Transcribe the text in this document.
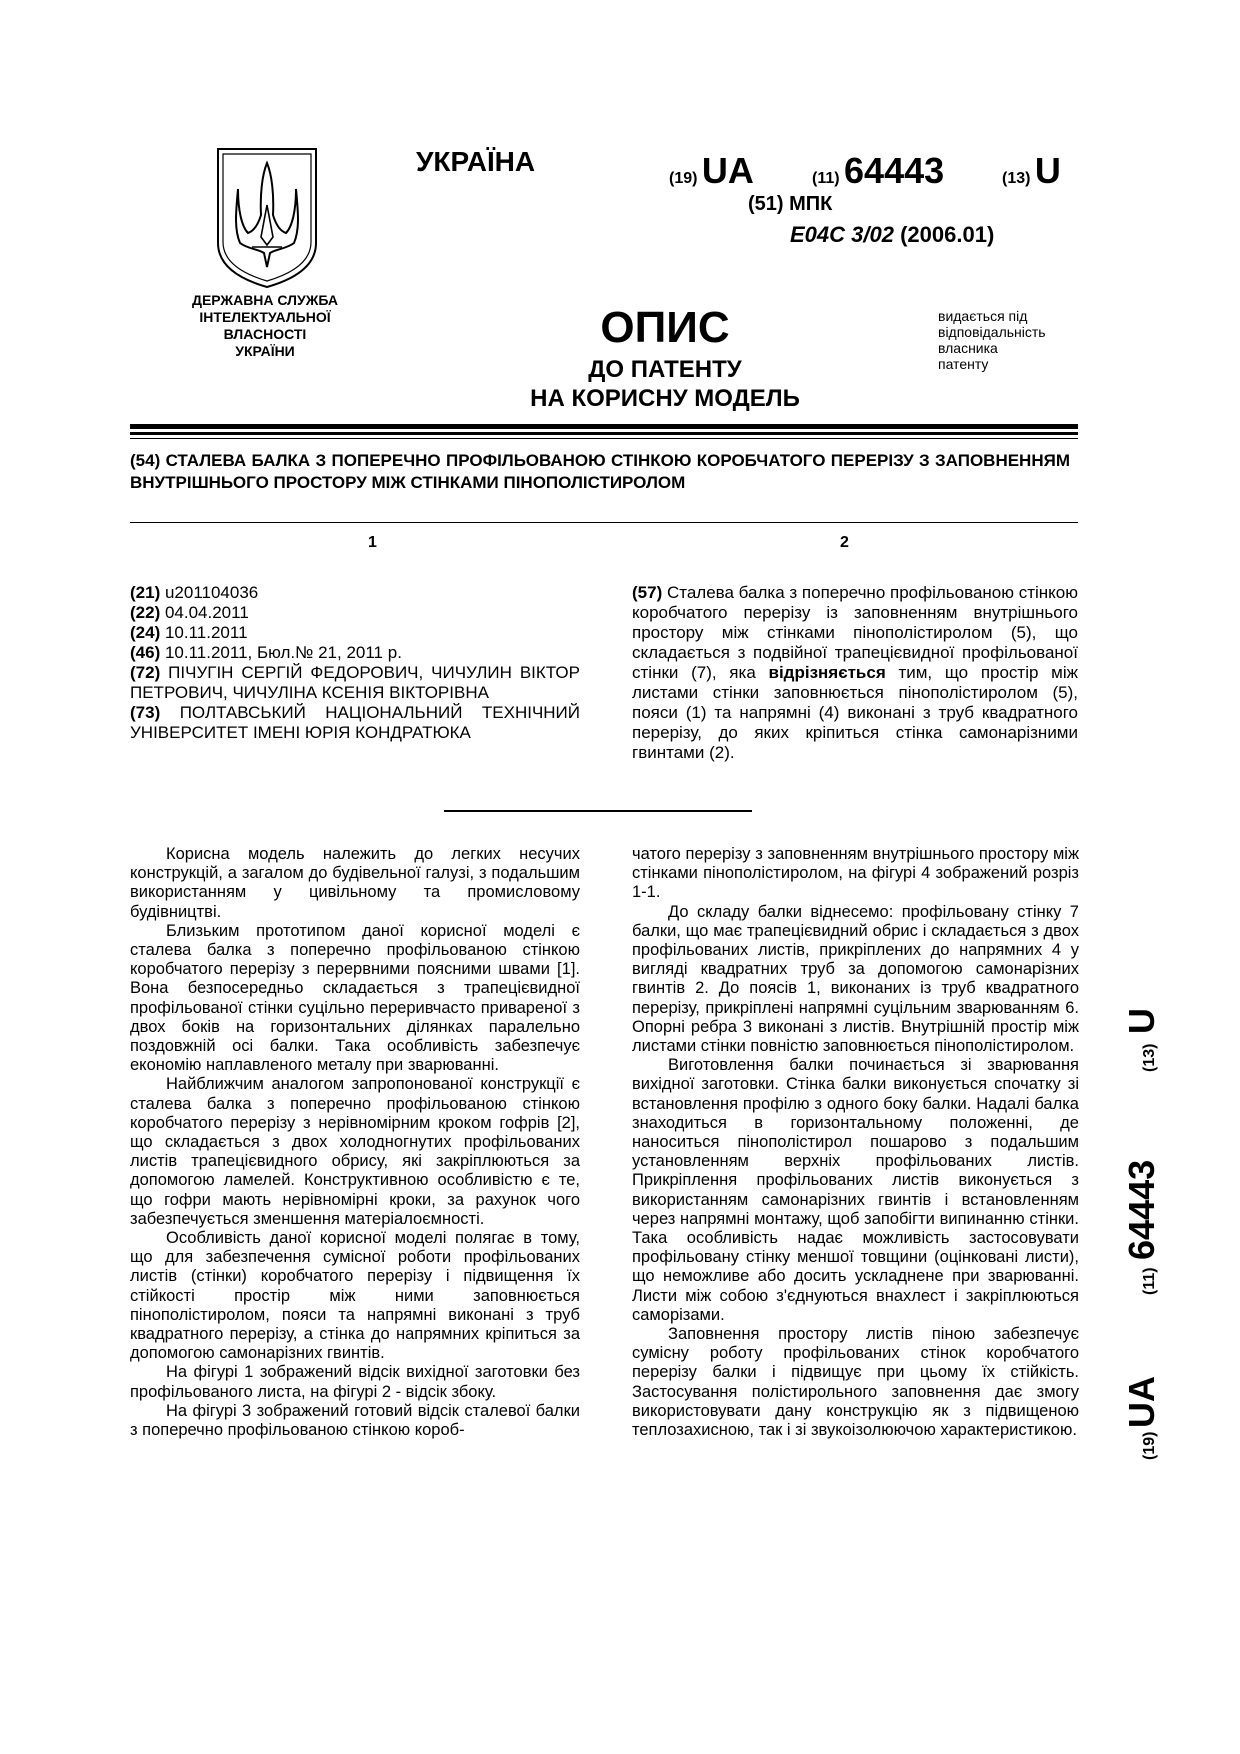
УКРАЇНА
ДЕРЖАВНА СЛУЖБА
ІНТЕЛЕКТУАЛЬНОЇ
ВЛАСНОСТІ
УКРАЇНИ
(19) UA	(11) 64443	(13) U
(51) МПК
E04C 3/02 (2006.01)
ОПИС
ДО ПАТЕНТУ
НА КОРИСНУ МОДЕЛЬ
видається під
відповідальність
власника
патенту
(54) СТАЛЕВА БАЛКА З ПОПЕРЕЧНО ПРОФІЛЬОВАНОЮ СТІНКОЮ КОРОБЧАТОГО ПЕРЕРІЗУ З ЗАПОВНЕННЯМ ВНУТРІШНЬОГО ПРОСТОРУ МІЖ СТІНКАМИ ПІНОПОЛІСТИРОЛОМ
1	2
(21) u201104036
(22) 04.04.2011
(24) 10.11.2011
(46) 10.11.2011, Бюл.№ 21, 2011 р.
(72) ПІЧУГІН СЕРГІЙ ФЕДОРОВИЧ, ЧИЧУЛИН ВІКТОР ПЕТРОВИЧ, ЧИЧУЛІНА КСЕНІЯ ВІКТОРІВНА
(73) ПОЛТАВСЬКИЙ НАЦІОНАЛЬНИЙ ТЕХНІЧНИЙ УНІВЕРСИТЕТ ІМЕНІ ЮРІЯ КОНДРАТЮКА
(57) Сталева балка з поперечно профільованою стінкою коробчатого перерізу із заповненням внутрішнього простору між стінками пінополістиролом (5), що складається з подвійної трапецієвидної профільованої стінки (7), яка відрізняється тим, що простір між листами стінки заповнюється пінополістиролом (5), пояси (1) та напрямні (4) виконані з труб квадратного перерізу, до яких кріпиться стінка самонарізними гвинтами (2).

Корисна модель належить до легких несучих конструкцій, а загалом до будівельної галузі, з подальшим використанням у цивільному та промисловому будівництві.

Близьким прототипом даної корисної моделі є сталева балка з поперечно профільованою стінкою коробчатого перерізу з перервними поясними швами [1]. Вона безпосередньо складається з трапецієвидної профільованої стінки суцільно переривчасто привареної з двох боків на горизонтальних ділянках паралельно поздовжній осі балки. Така особливість забезпечує економію наплавленого металу при зварюванні.

Найближчим аналогом запропонованої конструкції є сталева балка з поперечно профільованою стінкою коробчатого перерізу з нерівномірним кроком гофрів [2], що складається з двох холодногнутих профільованих листів трапецієвидного обрису, які закріплюються за допомогою ламелей. Конструктивною особливістю є те, що гофри мають нерівномірні кроки, за рахунок чого забезпечується зменшення матеріалоємності.

Особливість даної корисної моделі полягає в тому, що для забезпечення сумісної роботи профільованих листів (стінки) коробчатого перерізу і підвищення їх стійкості простір між ними заповнюється пінополістиролом, пояси та напрямні виконані з труб квадратного перерізу, а стінка до напрямних кріпиться за допомогою самонарізних гвинтів.

На фігурі 1 зображений відсік вихідної заготовки без профільованого листа, на фігурі 2 - відсік збоку.

На фігурі 3 зображений готовий відсік сталевої балки з поперечно профільованою стінкою короб-

чатого перерізу з заповненням внутрішнього простору між стінками пінополістиролом, на фігурі 4 зображений розріз 1-1.

До складу балки віднесемо: профільовану стінку 7 балки, що має трапецієвидний обрис і складається з двох профільованих листів, прикріплених до напрямних 4 у вигляді квадратних труб за допомогою самонарізних гвинтів 2. До поясів 1, виконаних із труб квадратного перерізу, прикріплені напрямні суцільним зварюванням 6. Опорні ребра 3 виконані з листів. Внутрішній простір між листами стінки повністю заповнюється пінополістиролом.

Виготовлення балки починається зі зварювання вихідної заготовки. Стінка балки виконується спочатку зі встановлення профілю з одного боку балки. Надалі балка знаходиться в горизонтальному положенні, де наноситься пінополістирол пошарово з подальшим установленням верхніх профільованих листів. Прикріплення профільованих листів виконується з використанням самонарізних гвинтів і встановленням через напрямні монтажу, щоб запобігти випинанню стінки. Така особливість надає можливість застосовувати профільовану стінку меншої товщини (оцінковані листи), що неможливе або досить ускладнене при зварюванні. Листи між собою з'єднуються внахлест і закріплюються саморізами.

Заповнення простору листів піною забезпечує сумісну роботу профільованих стінок коробчатого перерізу балки і підвищує при цьому їх стійкість. Застосування полістирольного заповнення дає змогу використовувати дану конструкцію як з підвищеною теплозахисною, так і зі звукоізолюючою характеристикою.

(19)
UA
(11)
64443
(13)
U
